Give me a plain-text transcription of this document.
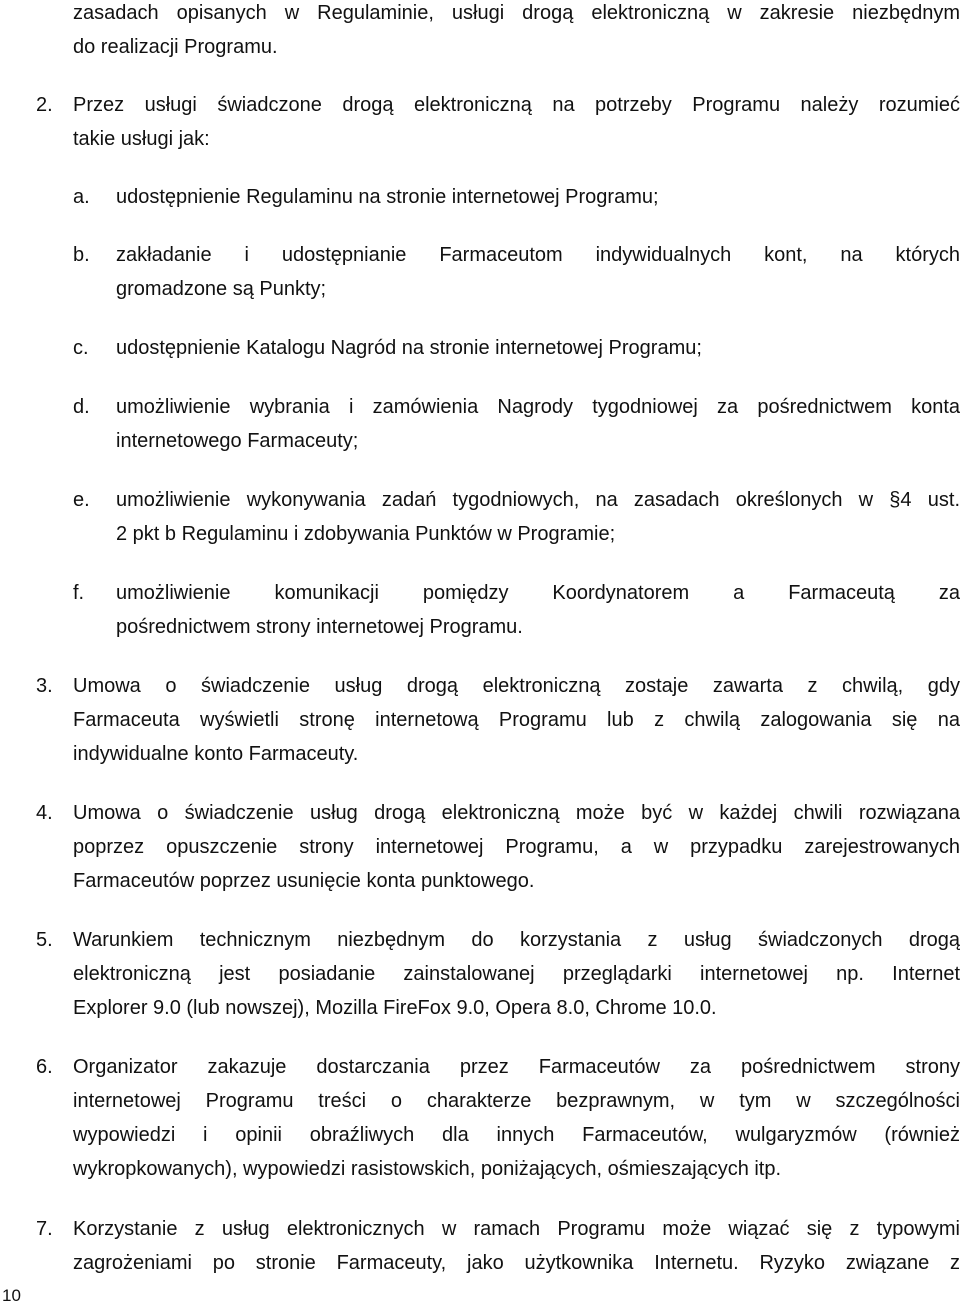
zasadach opisanych w Regulaminie, usługi drogą elektroniczną w zakresie niezbędnym
do realizacji Programu.
2. Przez usługi świadczone drogą elektroniczną na potrzeby Programu należy rozumieć
takie usługi jak:
a. udostępnienie Regulaminu na stronie internetowej Programu;
b. zakładanie i udostępnianie Farmaceutom indywidualnych kont, na których
gromadzone są Punkty;
c. udostępnienie Katalogu Nagród na stronie internetowej Programu;
d. umożliwienie wybrania i zamówienia Nagrody tygodniowej za pośrednictwem konta
internetowego Farmaceuty;
e. umożliwienie wykonywania zadań tygodniowych, na zasadach określonych w §4 ust.
2 pkt b Regulaminu i zdobywania Punktów w Programie;
f. umożliwienie komunikacji pomiędzy Koordynatorem a Farmaceutą za
pośrednictwem strony internetowej Programu.
3. Umowa o świadczenie usług drogą elektroniczną zostaje zawarta z chwilą, gdy
Farmaceuta wyświetli stronę internetową Programu lub z chwilą zalogowania się na
indywidualne konto Farmaceuty.
4. Umowa o świadczenie usług drogą elektroniczną może być w każdej chwili rozwiązana
poprzez opuszczenie strony internetowej Programu, a w przypadku zarejestrowanych
Farmaceutów poprzez usunięcie konta punktowego.
5. Warunkiem technicznym niezbędnym do korzystania z usług świadczonych drogą
elektroniczną jest posiadanie zainstalowanej przeglądarki internetowej np. Internet
Explorer 9.0 (lub nowszej), Mozilla FireFox 9.0, Opera 8.0, Chrome 10.0.
6. Organizator zakazuje dostarczania przez Farmaceutów za pośrednictwem strony
internetowej Programu treści o charakterze bezprawnym, w tym w szczególności
wypowiedzi i opinii obraźliwych dla innych Farmaceutów, wulgaryzmów (również
wykropkowanych), wypowiedzi rasistowskich, poniżających, ośmieszających itp.
7. Korzystanie z usług elektronicznych w ramach Programu może wiązać się z typowymi
zagrożeniami po stronie Farmaceuty, jako użytkownika Internetu. Ryzyko związane z
10
